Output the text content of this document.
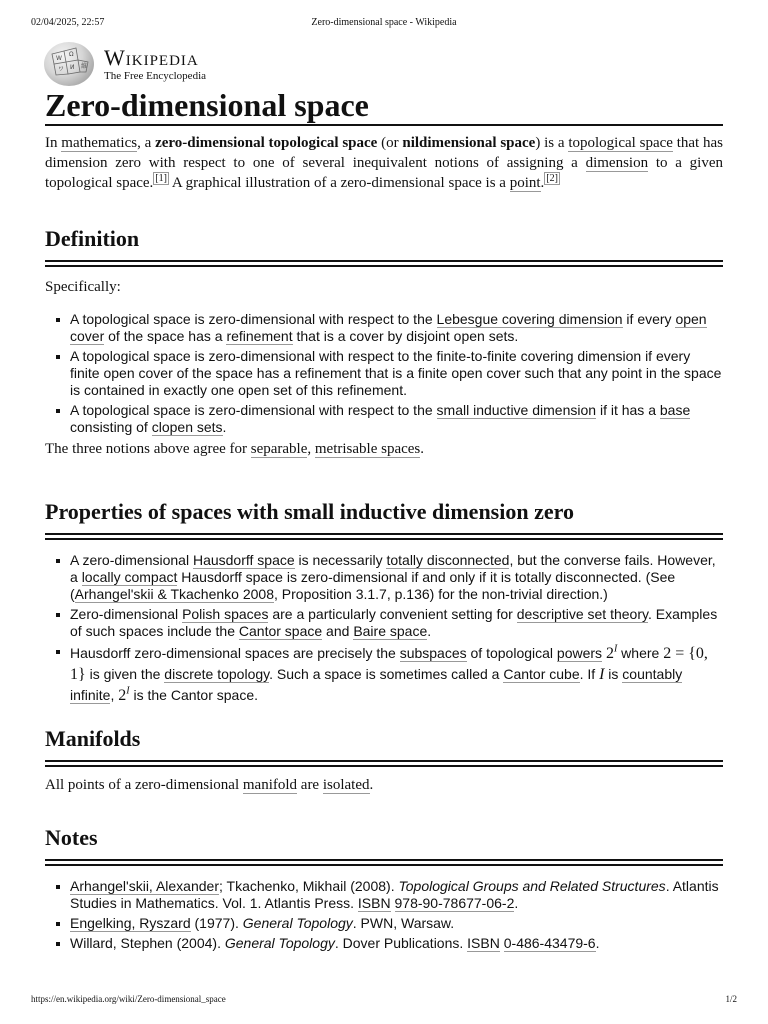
02/04/2025, 22:57	Zero-dimensional space - Wikipedia
W
Ω
И
ワ	維 Wikipedia
The Free Encyclopedia
Zero-dimensional space

In mathematics, a zero-dimensional topological space (or nildimensional space) is a topological space that has dimension zero with respect to one of several inequivalent notions of assigning a dimension to a given topological space. [1] A graphical illustration of a zero-dimensional space is a point. [2]

Definition

Specifically:

A topological space is zero-dimensional with respect to the Lebesgue covering dimension if every open cover of the space has a refinement that is a cover by disjoint open sets.
A topological space is zero-dimensional with respect to the finite-to-finite covering dimension if every finite open cover of the space has a refinement that is a finite open cover such that any point in the space is contained in exactly one open set of this refinement.
A topological space is zero-dimensional with respect to the small inductive dimension if it has a base consisting of clopen sets.

The three notions above agree for separable, metrisable spaces.

Properties of spaces with small inductive dimension zero
A zero-dimensional Hausdorff space is necessarily totally disconnected, but the converse fails. However, a locally compact Hausdorff space is zero-dimensional if and only if it is totally disconnected. (See (Arhangel'skii & Tkachenko 2008, Proposition 3.1.7, p.136) for the non-trivial direction.)
Zero-dimensional Polish spaces are a particularly convenient setting for descriptive set theory. Examples of such spaces include the Cantor space and Baire space.
Hausdorff zero-dimensional spaces are precisely the subspaces of topological powers $2^I$ where 2 = {0, 1} is given the discrete topology. Such a space is sometimes called a Cantor cube. If I is countably infinite, $2^I$ is the Cantor space.
Manifolds

All points of a zero-dimensional manifold are isolated.

Notes
Arhangel'skii, Alexander; Tkachenko, Mikhail (2008). Topological Groups and Related Structures. Atlantis Studies in Mathematics. Vol. 1. Atlantis Press. ISBN 978-90-78677-06-2.
Engelking, Ryszard (1977). General Topology. PWN, Warsaw.
Willard, Stephen (2004). General Topology. Dover Publications. ISBN 0-486-43479-6.
https://en.wikipedia.org/wiki/Zero-dimensional_space	1/2
